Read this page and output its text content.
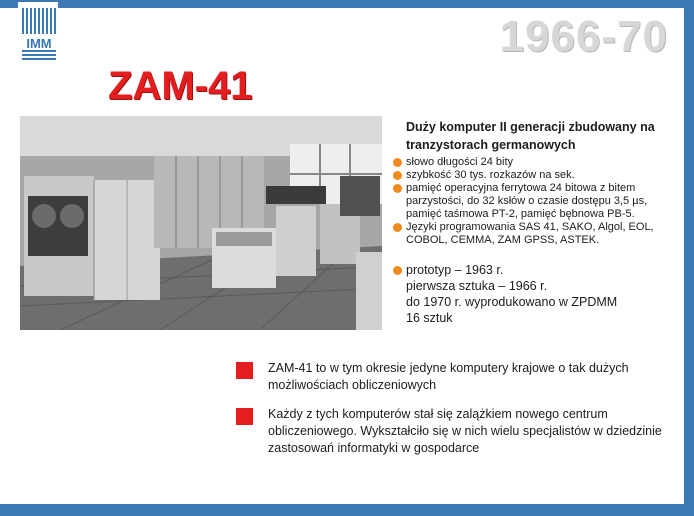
IMM	1966-70
ZAM-41
Duży komputer II generacji zbudowany na tranzystorach germanowych
słowo długości 24 bity
szybkość 30 tys. rozkazów na sek.
pamięć operacyjna ferrytowa 24 bitowa z bitem parzystości, do 32 ksłów o czasie dostępu 3,5 µs, pamięć taśmowa PT-2, pamięć bębnowa PB-5.
Języki programowania SAS 41, SAKO, Algol, EOL, COBOL, CEMMA, ZAM GPSS, ASTEK.
prototyp – 1963 r.
pierwsza sztuka – 1966 r.
do 1970 r. wyprodukowano w ZPDMM
16 sztuk
ZAM-41 to w tym okresie jedyne komputery krajowe o tak dużych możliwościach obliczeniowych
Każdy z tych komputerów stał się zalążkiem nowego centrum obliczeniowego. Wykształciło się w nich wielu specjalistów w dziedzinie zastosowań informatyki w gospodarce
